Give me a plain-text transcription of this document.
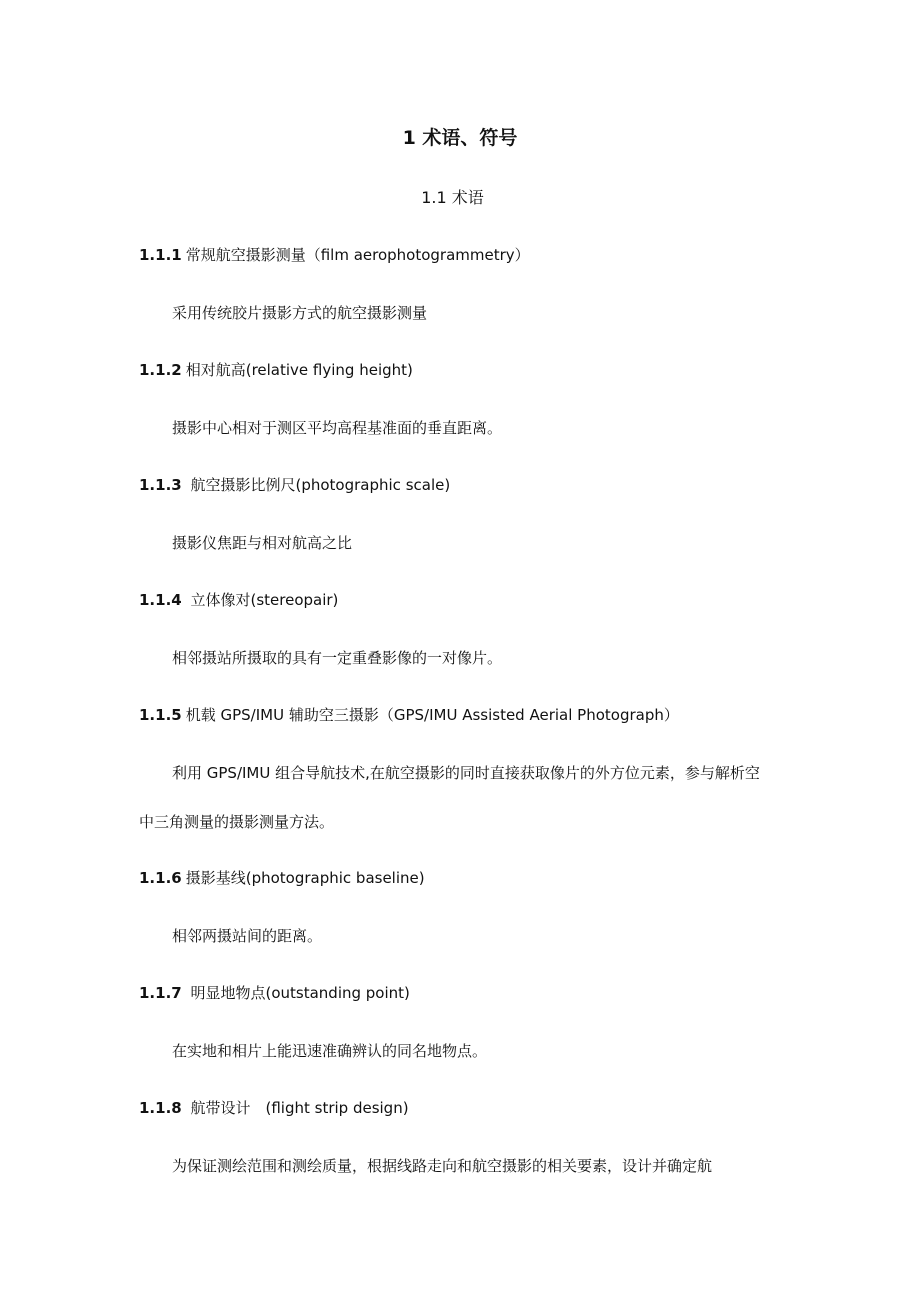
1 术语、符号
1.1 术语
1.1.1 常规航空摄影测量（film aerophotogrammetry）
采用传统胶片摄影方式的航空摄影测量
1.1.2 相对航高(relative flying height)
摄影中心相对于测区平均高程基准面的垂直距离。
1.1.3 航空摄影比例尺(photographic scale)
摄影仪焦距与相对航高之比
1.1.4 立体像对(stereopair)
相邻摄站所摄取的具有一定重叠影像的一对像片。
1.1.5 机载 GPS/IMU 辅助空三摄影（GPS/IMU Assisted Aerial Photograph）
利用 GPS/IMU 组合导航技术,在航空摄影的同时直接获取像片的外方位元素，参与解析空中三角测量的摄影测量方法。
1.1.6 摄影基线(photographic baseline)
相邻两摄站间的距离。
1.1.7 明显地物点(outstanding point)
在实地和相片上能迅速准确辨认的同名地物点。
1.1.8 航带设计　(flight strip design)
为保证测绘范围和测绘质量，根据线路走向和航空摄影的相关要素，设计并确定航
